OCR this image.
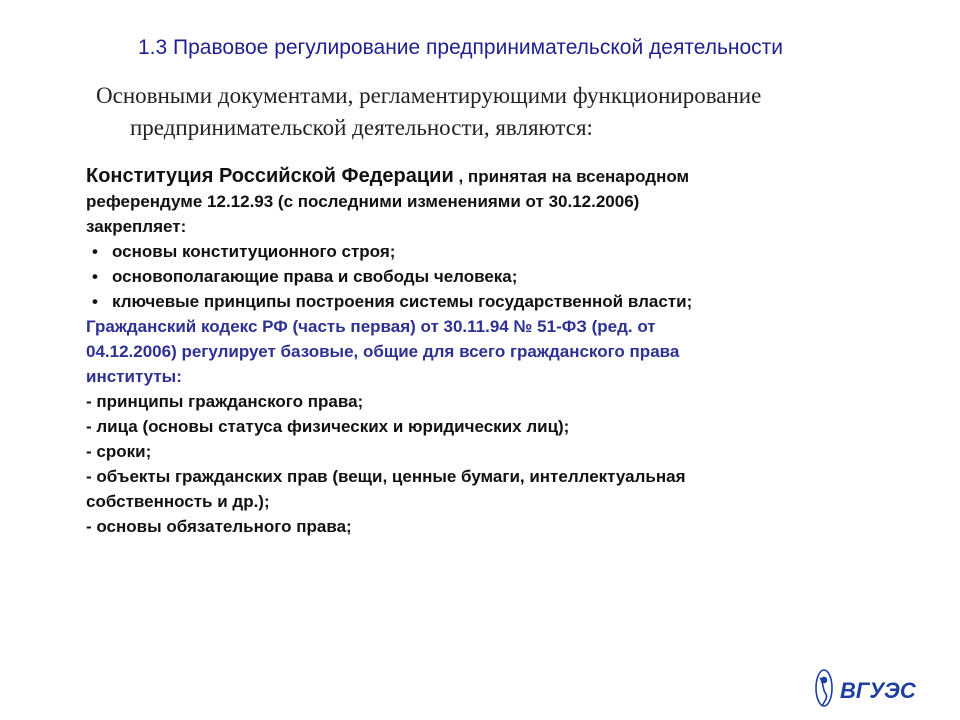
1.3 Правовое регулирование предпринимательской деятельности
Основными документами, регламентирующими функционирование
предпринимательской деятельности, являются:
Конституция Российской Федерации , принятая на всенародном
референдуме 12.12.93 (с последними изменениями от 30.12.2006)
закрепляет:
• основы конституционного строя;
• основополагающие права и свободы человека;
• ключевые принципы построения системы государственной власти;
Гражданский кодекс РФ (часть первая) от 30.11.94 № 51-ФЗ (ред. от
04.12.2006) регулирует базовые, общие для всего гражданского права
институты:
- принципы гражданского права;
- лица (основы статуса физических и юридических лиц);
- сроки;
- объекты гражданских прав (вещи, ценные бумаги, интеллектуальная
собственность и др.);
- основы обязательного права;
ВГУЭС
